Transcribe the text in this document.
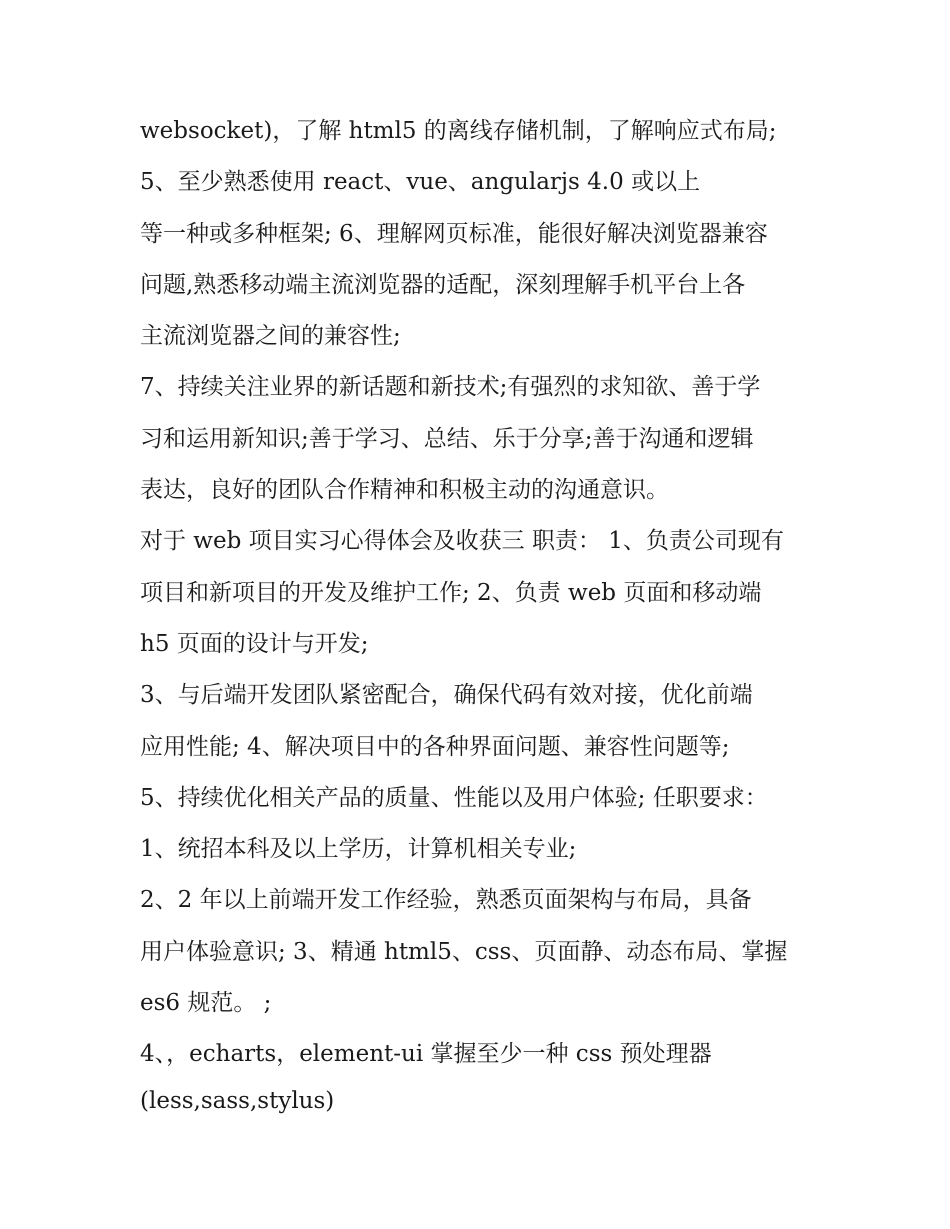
websocket)，了解 html5 的离线存储机制，了解响应式布局;
5、至少熟悉使用 react、vue、angularjs 4.0 或以上
等一种或多种框架; 6、理解网页标准，能很好解决浏览器兼容
问题,熟悉移动端主流浏览器的适配，深刻理解手机平台上各
主流浏览器之间的兼容性;
7、持续关注业界的新话题和新技术;有强烈的求知欲、善于学
习和运用新知识;善于学习、总结、乐于分享;善于沟通和逻辑
表达，良好的团队合作精神和积极主动的沟通意识。
对于 web 项目实习心得体会及收获三 职责： 1、负责公司现有
项目和新项目的开发及维护工作; 2、负责 web 页面和移动端
h5 页面的设计与开发;
3、与后端开发团队紧密配合，确保代码有效对接，优化前端
应用性能; 4、解决项目中的各种界面问题、兼容性问题等;
5、持续优化相关产品的质量、性能以及用户体验; 任职要求：
1、统招本科及以上学历，计算机相关专业;
2、2 年以上前端开发工作经验，熟悉页面架构与布局，具备
用户体验意识; 3、精通 html5、css、页面静、动态布局、掌握
es6 规范。 ;
4、，echarts，element-ui 掌握至少一种 css 预处理器
(less,sass,stylus)
